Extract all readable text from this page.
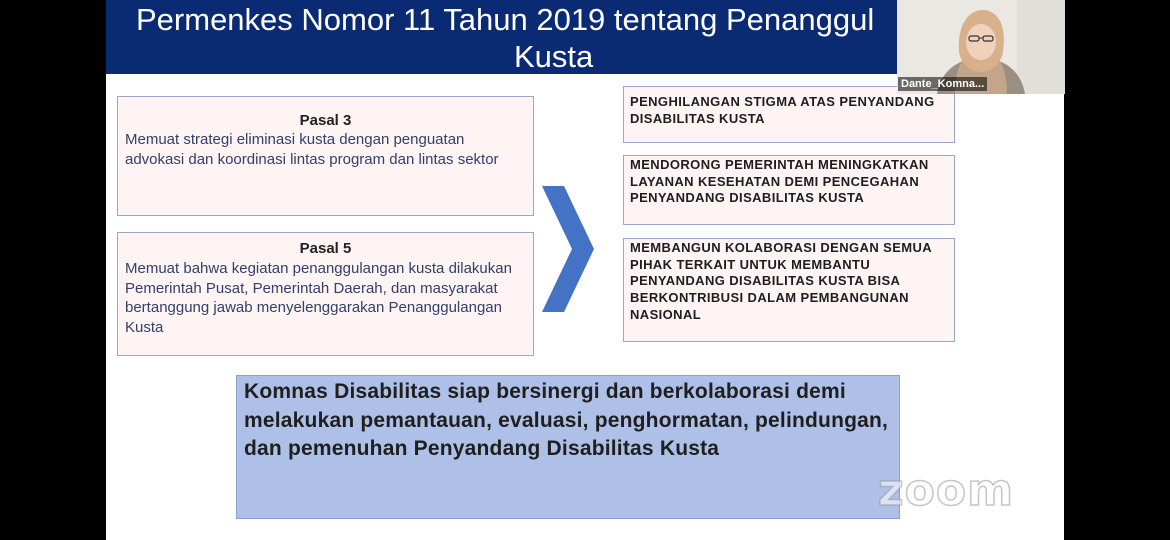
Permenkes Nomor 11 Tahun 2019 tentang Penanggul
Kusta
Pasal 3
Memuat strategi eliminasi kusta dengan penguatan advokasi dan koordinasi lintas program dan lintas sektor
Pasal 5
Memuat bahwa kegiatan penanggulangan kusta dilakukan Pemerintah Pusat, Pemerintah Daerah, dan masyarakat bertanggung jawab menyelenggarakan Penanggulangan Kusta
PENGHILANGAN STIGMA ATAS PENYANDANG DISABILITAS KUSTA
MENDORONG PEMERINTAH MENINGKATKAN LAYANAN KESEHATAN DEMI PENCEGAHAN PENYANDANG DISABILITAS KUSTA
MEMBANGUN KOLABORASI DENGAN SEMUA PIHAK TERKAIT UNTUK MEMBANTU PENYANDANG DISABILITAS KUSTA BISA BERKONTRIBUSI DALAM PEMBANGUNAN NASIONAL
Komnas Disabilitas siap bersinergi dan berkolaborasi demi melakukan pemantauan, evaluasi, penghormatan, pelindungan, dan pemenuhan Penyandang Disabilitas Kusta
zoom
Dante_Komna...
